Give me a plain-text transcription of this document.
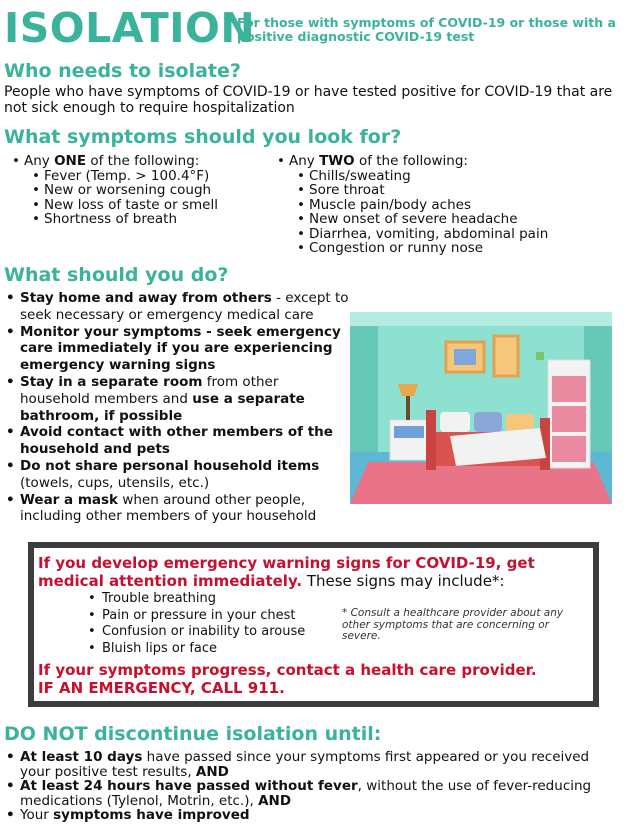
ISOLATION
For those with symptoms of COVID-19 or those with a positive diagnostic COVID-19 test
Who needs to isolate?
People who have symptoms of COVID-19 or have tested positive for COVID-19 that are not sick enough to require hospitalization
What symptoms should you look for?
• Any ONE of the following:
• Fever (Temp. > 100.4°F)
• New or worsening cough
• New loss of taste or smell
• Shortness of breath
• Any TWO of the following:
• Chills/sweating
• Sore throat
• Muscle pain/body aches
• New onset of severe headache
• Diarrhea, vomiting, abdominal pain
• Congestion or runny nose
What should you do?
• Stay home and away from others - except to seek necessary or emergency medical care
• Monitor your symptoms - seek emergency care immediately if you are experiencing emergency warning signs
• Stay in a separate room from other household members and use a separate bathroom, if possible
• Avoid contact with other members of the household and pets
• Do not share personal household items (towels, cups, utensils, etc.)
• Wear a mask when around other people, including other members of your household
If you develop emergency warning signs for COVID-19, get medical attention immediately. These signs may include*:
• Trouble breathing
• Pain or pressure in your chest
• Confusion or inability to arouse
• Bluish lips or face
* Consult a healthcare provider about any other symptoms that are concerning or severe.
If your symptoms progress, contact a health care provider.
IF AN EMERGENCY, CALL 911.
DO NOT discontinue isolation until:
• At least 10 days have passed since your symptoms first appeared or you received your positive test results, AND
• At least 24 hours have passed without fever, without the use of fever-reducing medications (Tylenol, Motrin, etc.), AND
• Your symptoms have improved
